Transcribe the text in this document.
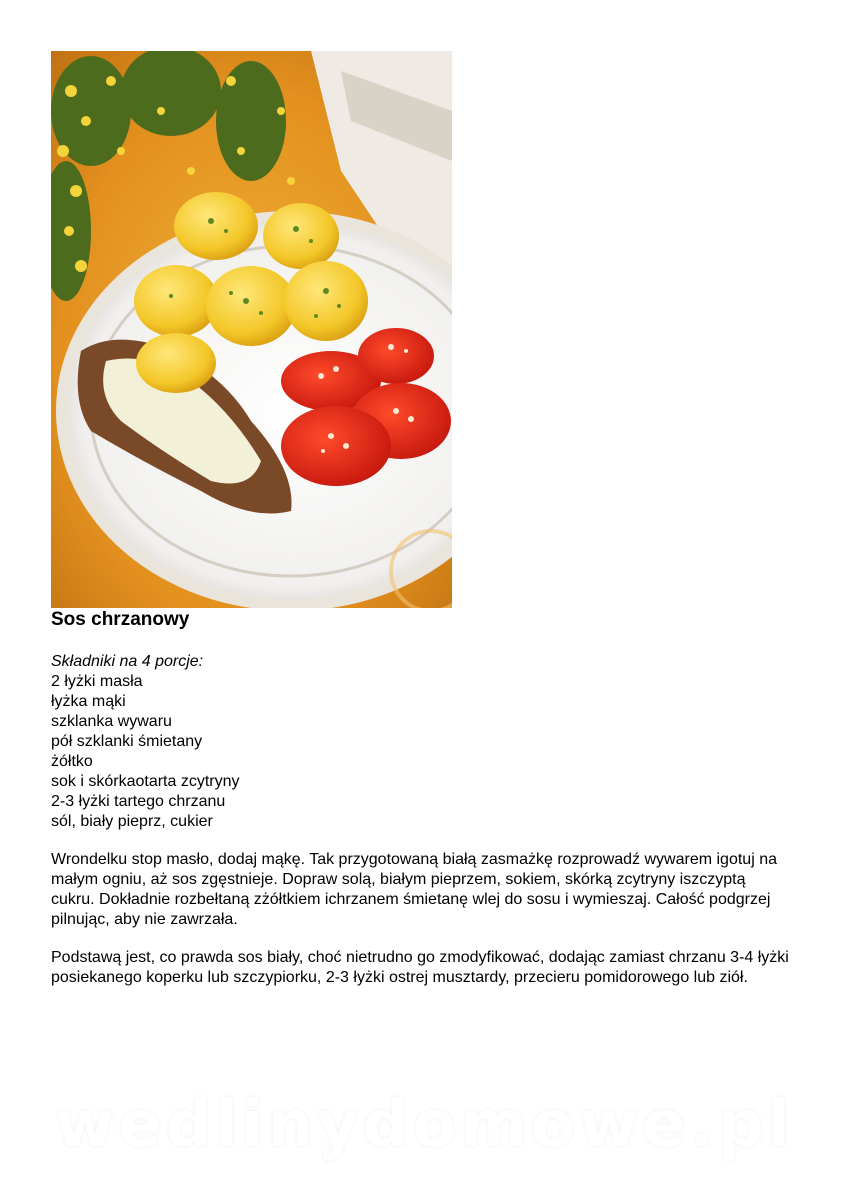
Sos chrzanowy
Składniki na 4 porcje:
2 łyżki masła
łyżka mąki
szklanka wywaru
pół szklanki śmietany
żółtko
sok i skórkaotarta zcytryny
2-3 łyżki tartego chrzanu
sól, biały pieprz, cukier

Wrondelku stop masło, dodaj mąkę. Tak przygotowaną białą zasmażkę rozprowadź wywarem igotuj na małym ogniu, aż sos zgęstnieje. Dopraw solą, białym pieprzem, sokiem, skórką zcytryny iszczyptą cukru. Dokładnie rozbełtaną zżółtkiem ichrzanem śmietanę wlej do sosu i wymieszaj. Całość podgrzej pilnując, aby nie zawrzała.

Podstawą jest, co prawda sos biały, choć nietrudno go zmodyfikować, dodając zamiast chrzanu 3-4 łyżki posiekanego koperku lub szczypiorku, 2-3 łyżki ostrej musztardy, przecieru pomidorowego lub ziół.

wedlinydomowe.pl
